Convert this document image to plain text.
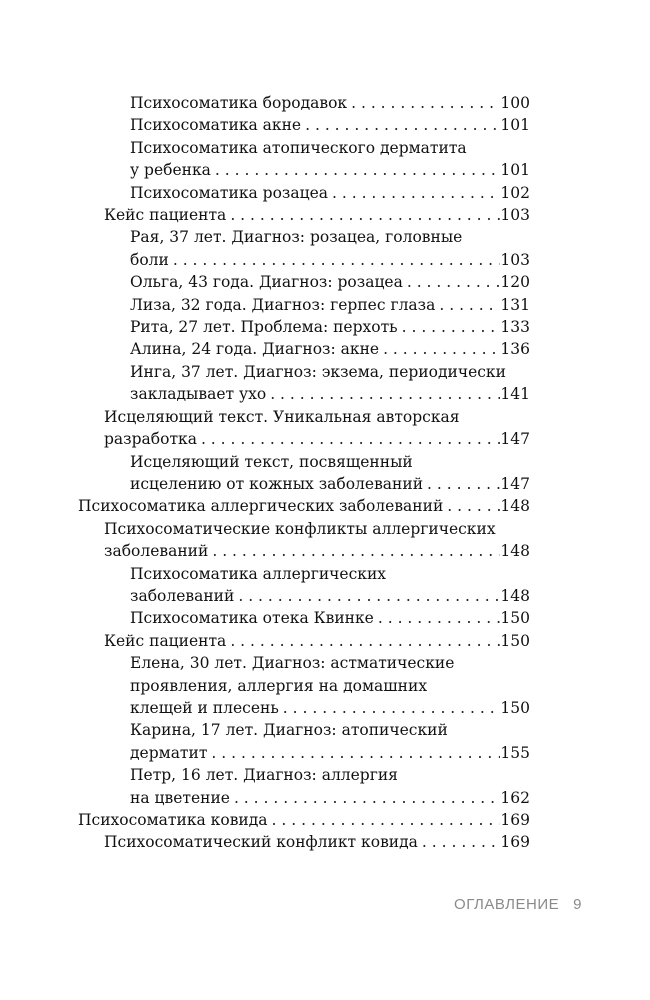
Психосоматика бородавок . . .	100
Психосоматика акне . . .	101
Психосоматика атопического дерматита
у ребенка . . .	101
Психосоматика розацеа . . .	102
Кейс пациента . . .	103
Рая, 37 лет. Диагноз: розацеа, головные
боли . . .	103
Ольга, 43 года. Диагноз: розацеа . . .	120
Лиза, 32 года. Диагноз: герпес глаза . . .	131
Рита, 27 лет. Проблема: перхоть . . .	133
Алина, 24 года. Диагноз: акне . . .	136
Инга, 37 лет. Диагноз: экзема, периодически
закладывает ухо . . .	141
Исцеляющий текст. Уникальная авторская
разработка . . .	147
Исцеляющий текст, посвященный
исцелению от кожных заболеваний . . .	147
Психосоматика аллергических заболеваний . . .	148
Психосоматические конфликты аллергических
заболеваний . . .	148
Психосоматика аллергических
заболеваний . . .	148
Психосоматика отека Квинке . . .	150
Кейс пациента . . .	150
Елена, 30 лет. Диагноз: астматические
проявления, аллергия на домашних
клещей и плесень . . .	150
Карина, 17 лет. Диагноз: атопический
дерматит . . .	155
Петр, 16 лет. Диагноз: аллергия
на цветение . . .	162
Психосоматика ковида . . .	169
Психосоматический конфликт ковида . . .	169
ОГЛАВЛЕНИЕ 9
